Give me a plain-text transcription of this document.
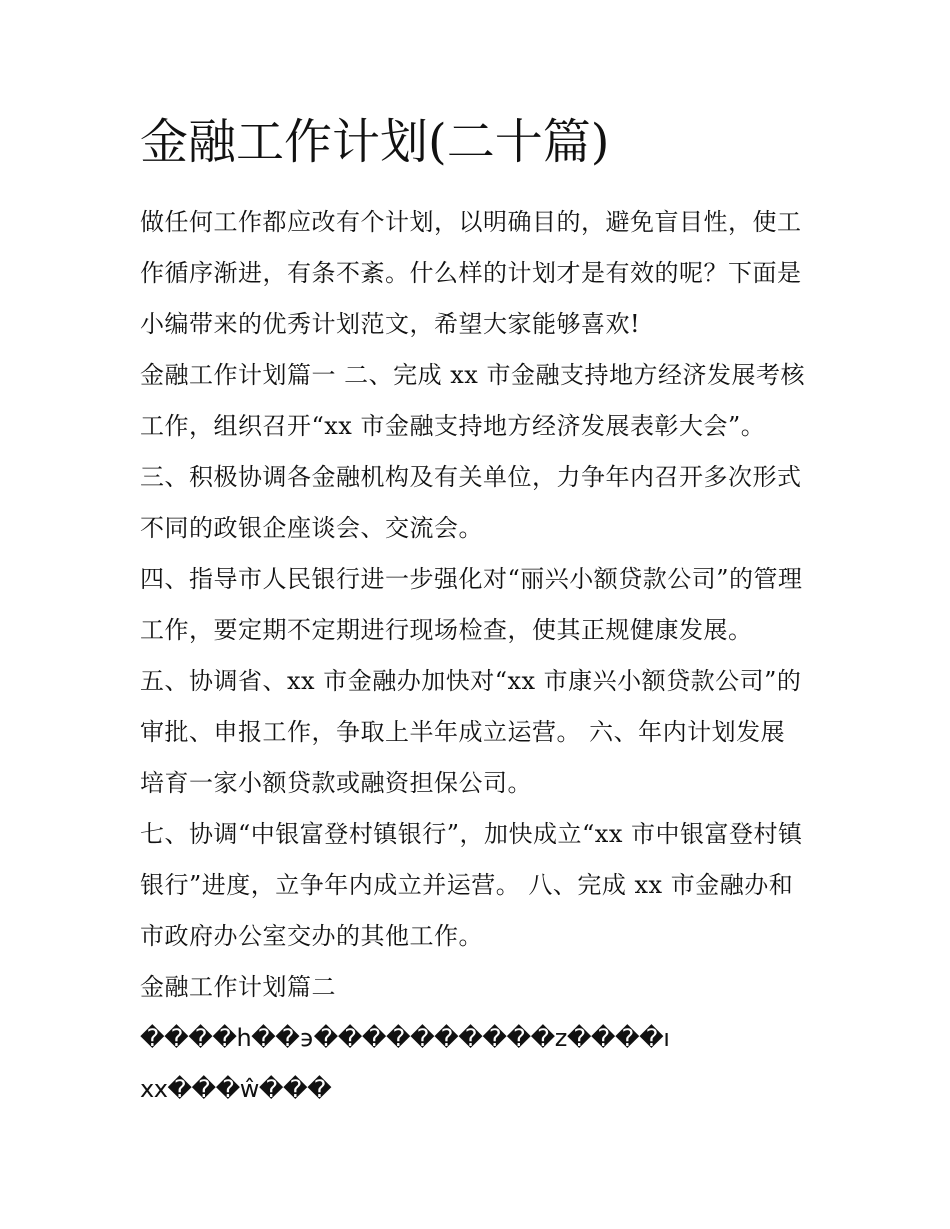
金融工作计划(二十篇)
做任何工作都应改有个计划，以明确目的，避免盲目性，使工
作循序渐进，有条不紊。什么样的计划才是有效的呢？下面是
小编带来的优秀计划范文，希望大家能够喜欢!
金融工作计划篇一 二、完成 xx 市金融支持地方经济发展考核
工作，组织召开“xx 市金融支持地方经济发展表彰大会”。
三、积极协调各金融机构及有关单位，力争年内召开多次形式
不同的政银企座谈会、交流会。
四、指导市人民银行进一步强化对“丽兴小额贷款公司”的管理
工作，要定期不定期进行现场检查，使其正规健康发展。
五、协调省、xx 市金融办加快对“xx 市康兴小额贷款公司”的
审批、申报工作，争取上半年成立运营。 六、年内计划发展
培育一家小额贷款或融资担保公司。
七、协调“中银富登村镇银行”，加快成立“xx 市中银富登村镇
银行”进度，立争年内成立并运营。 八、完成 xx 市金融办和
市政府办公室交办的其他工作。
金融工作计划篇二
����h��϶����������z����ı
xx���ŵ���
